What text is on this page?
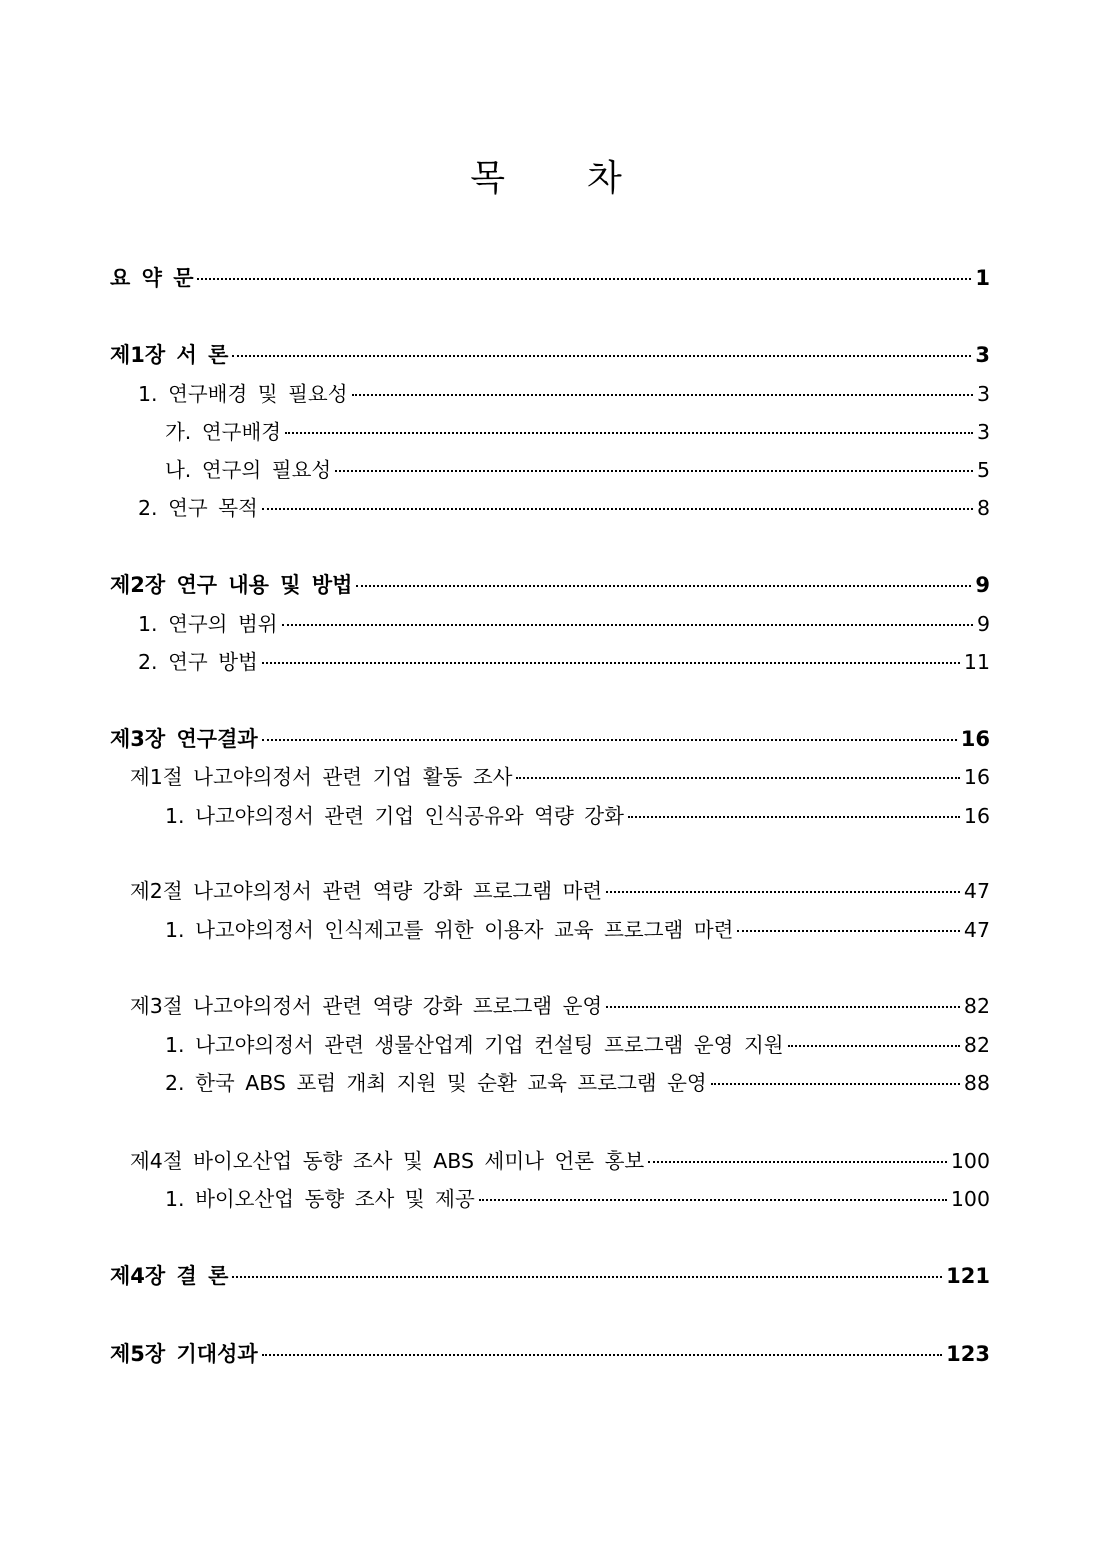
목 차
요 약 문	1
제1장 서 론	3
1. 연구배경 및 필요성	3
가. 연구배경	3
나. 연구의 필요성	5
2. 연구 목적	8
제2장 연구 내용 및 방법	9
1. 연구의 범위	9
2. 연구 방법	11
제3장 연구결과	16
제1절 나고야의정서 관련 기업 활동 조사	16
1. 나고야의정서 관련 기업 인식공유와 역량 강화	16
제2절 나고야의정서 관련 역량 강화 프로그램 마련	47
1. 나고야의정서 인식제고를 위한 이용자 교육 프로그램 마련	47
제3절 나고야의정서 관련 역량 강화 프로그램 운영	82
1. 나고야의정서 관련 생물산업계 기업 컨설팅 프로그램 운영 지원	82
2. 한국 ABS 포럼 개최 지원 및 순환 교육 프로그램 운영	88
제4절 바이오산업 동향 조사 및 ABS 세미나 언론 홍보	100
1. 바이오산업 동향 조사 및 제공	100
제4장 결 론	121
제5장 기대성과	123
